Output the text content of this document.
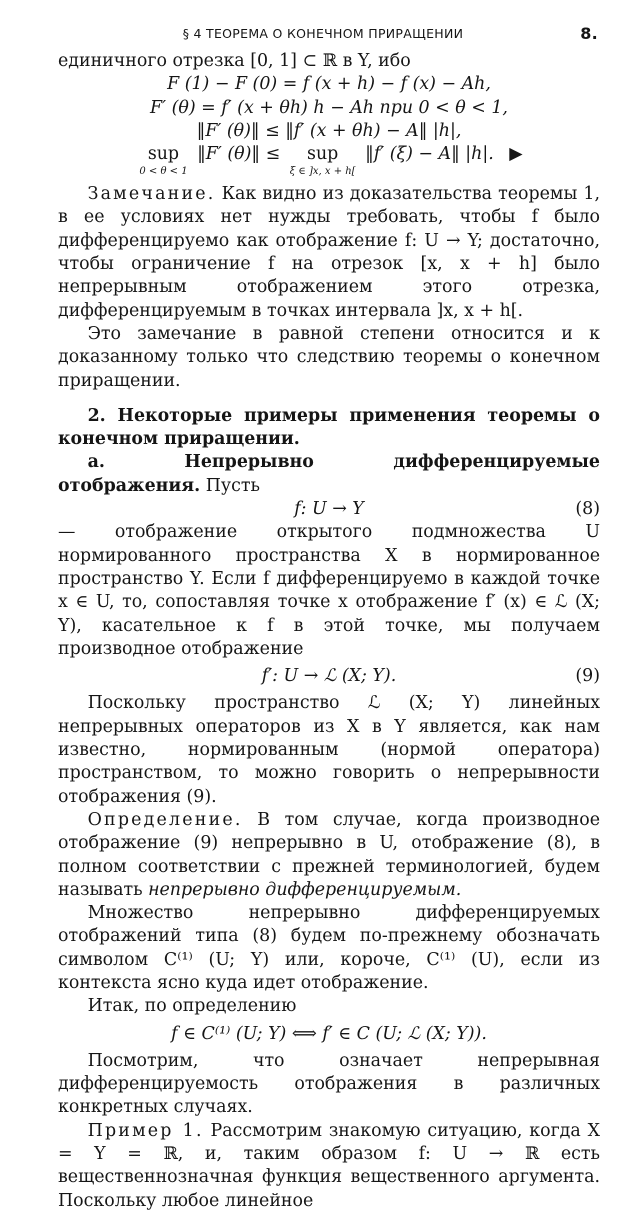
§ 4 ТЕОРЕМА О КОНЕЧНОМ ПРИРАЩЕНИИ	8.

единичного отрезка [0, 1] ⊂ ℝ в Y, ибо

F (1) − F (0) = f (x + h) − f (x) − Ah,

F′ (θ) = f′ (x + θh) h − Ah при 0 < θ < 1,

‖F′ (θ)‖ ≤ ‖f′ (x + θh) − A‖ |h|,

sup
0 < θ < 1
‖F′ (θ)‖ ≤	sup
ξ ∈ ]x, x + h[
‖f′ (ξ) − A‖ |h|. ▶

Замечание. Как видно из доказательства теоремы 1, в ее условиях нет нужды требовать, чтобы f было дифференцируемо как отображение f: U → Y; достаточно, чтобы ограничение f на отрезок [x, x + h] было непрерывным отображением этого отрезка, дифференцируемым в точках интервала ]x, x + h[.

Это замечание в равной степени относится и к доказанному только что следствию теоремы о конечном приращении.

2. Некоторые примеры применения теоремы о конечном приращении.

a. Непрерывно дифференцируемые отображения. Пусть

f: U → Y	(8)

— отображение открытого подмножества U нормированного пространства X в нормированное пространство Y. Если f дифференцируемо в каждой точке x ∈ U, то, сопоставляя точке x отображение f′ (x) ∈ ℒ (X; Y), касательное к f в этой точке, мы получаем производное отображение

f′: U → ℒ (X; Y).	(9)

Поскольку пространство ℒ (X; Y) линейных непрерывных операторов из X в Y является, как нам известно, нормированным (нормой оператора) пространством, то можно говорить о непрерывности отображения (9).

Определение. В том случае, когда производное отображение (9) непрерывно в U, отображение (8), в полном соответствии с прежней терминологией, будем называть непрерывно дифференцируемым.

Множество непрерывно дифференцируемых отображений типа (8) будем по-прежнему обозначать символом C⁽¹⁾ (U; Y) или, короче, C⁽¹⁾ (U), если из контекста ясно куда идет отображение.

Итак, по определению

f ∈ C⁽¹⁾ (U; Y) ⟺ f′ ∈ C (U; ℒ (X; Y)).

Посмотрим, что означает непрерывная дифференцируемость отображения в различных конкретных случаях.

Пример 1. Рассмотрим знакомую ситуацию, когда X = Y = ℝ, и, таким образом f: U → ℝ есть вещественнозначная функция вещественного аргумента. Поскольку любое линейное
